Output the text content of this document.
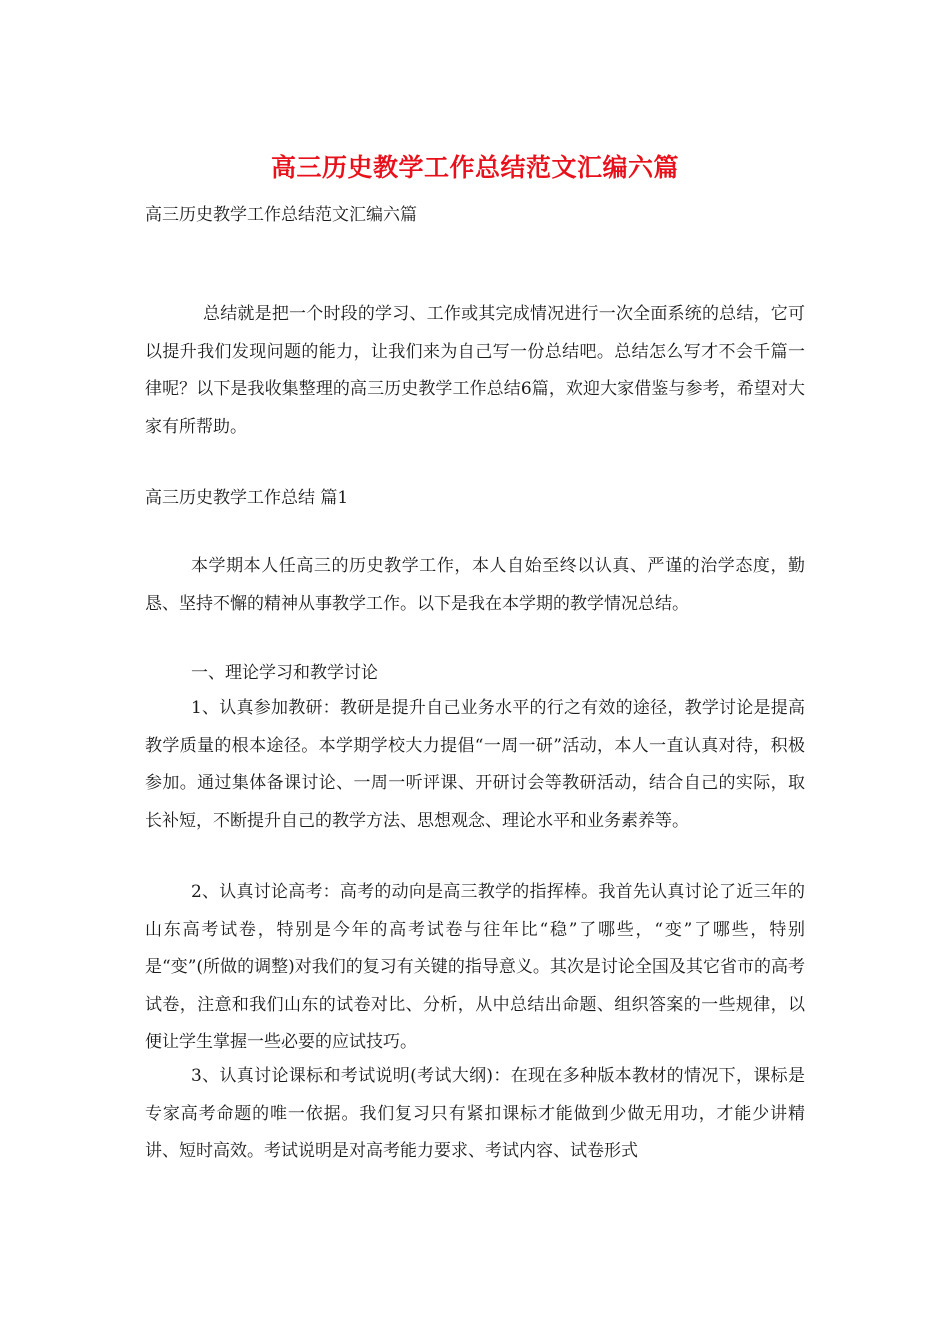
高三历史教学工作总结范文汇编六篇
高三历史教学工作总结范文汇编六篇
总结就是把一个时段的学习、工作或其完成情况进行一次全面系统的总结，它可以提升我们发现问题的能力，让我们来为自己写一份总结吧。总结怎么写才不会千篇一律呢？以下是我收集整理的高三历史教学工作总结6篇，欢迎大家借鉴与参考，希望对大家有所帮助。
高三历史教学工作总结 篇1
本学期本人任高三的历史教学工作，本人自始至终以认真、严谨的治学态度，勤恳、坚持不懈的精神从事教学工作。以下是我在本学期的教学情况总结。
一、理论学习和教学讨论
1、认真参加教研：教研是提升自己业务水平的行之有效的途径，教学讨论是提高教学质量的根本途径。本学期学校大力提倡“一周一研”活动，本人一直认真对待，积极参加。通过集体备课讨论、一周一听评课、开研讨会等教研活动，结合自己的实际，取长补短，不断提升自己的教学方法、思想观念、理论水平和业务素养等。
2、认真讨论高考：高考的动向是高三教学的指挥棒。我首先认真讨论了近三年的山东高考试卷，特别是今年的高考试卷与往年比“稳”了哪些，“变”了哪些，特别是“变”(所做的调整)对我们的复习有关键的指导意义。其次是讨论全国及其它省市的高考试卷，注意和我们山东的试卷对比、分析，从中总结出命题、组织答案的一些规律，以便让学生掌握一些必要的应试技巧。
3、认真讨论课标和考试说明(考试大纲)：在现在多种版本教材的情况下，课标是专家高考命题的唯一依据。我们复习只有紧扣课标才能做到少做无用功，才能少讲精讲、短时高效。考试说明是对高考能力要求、考试内容、试卷形式
